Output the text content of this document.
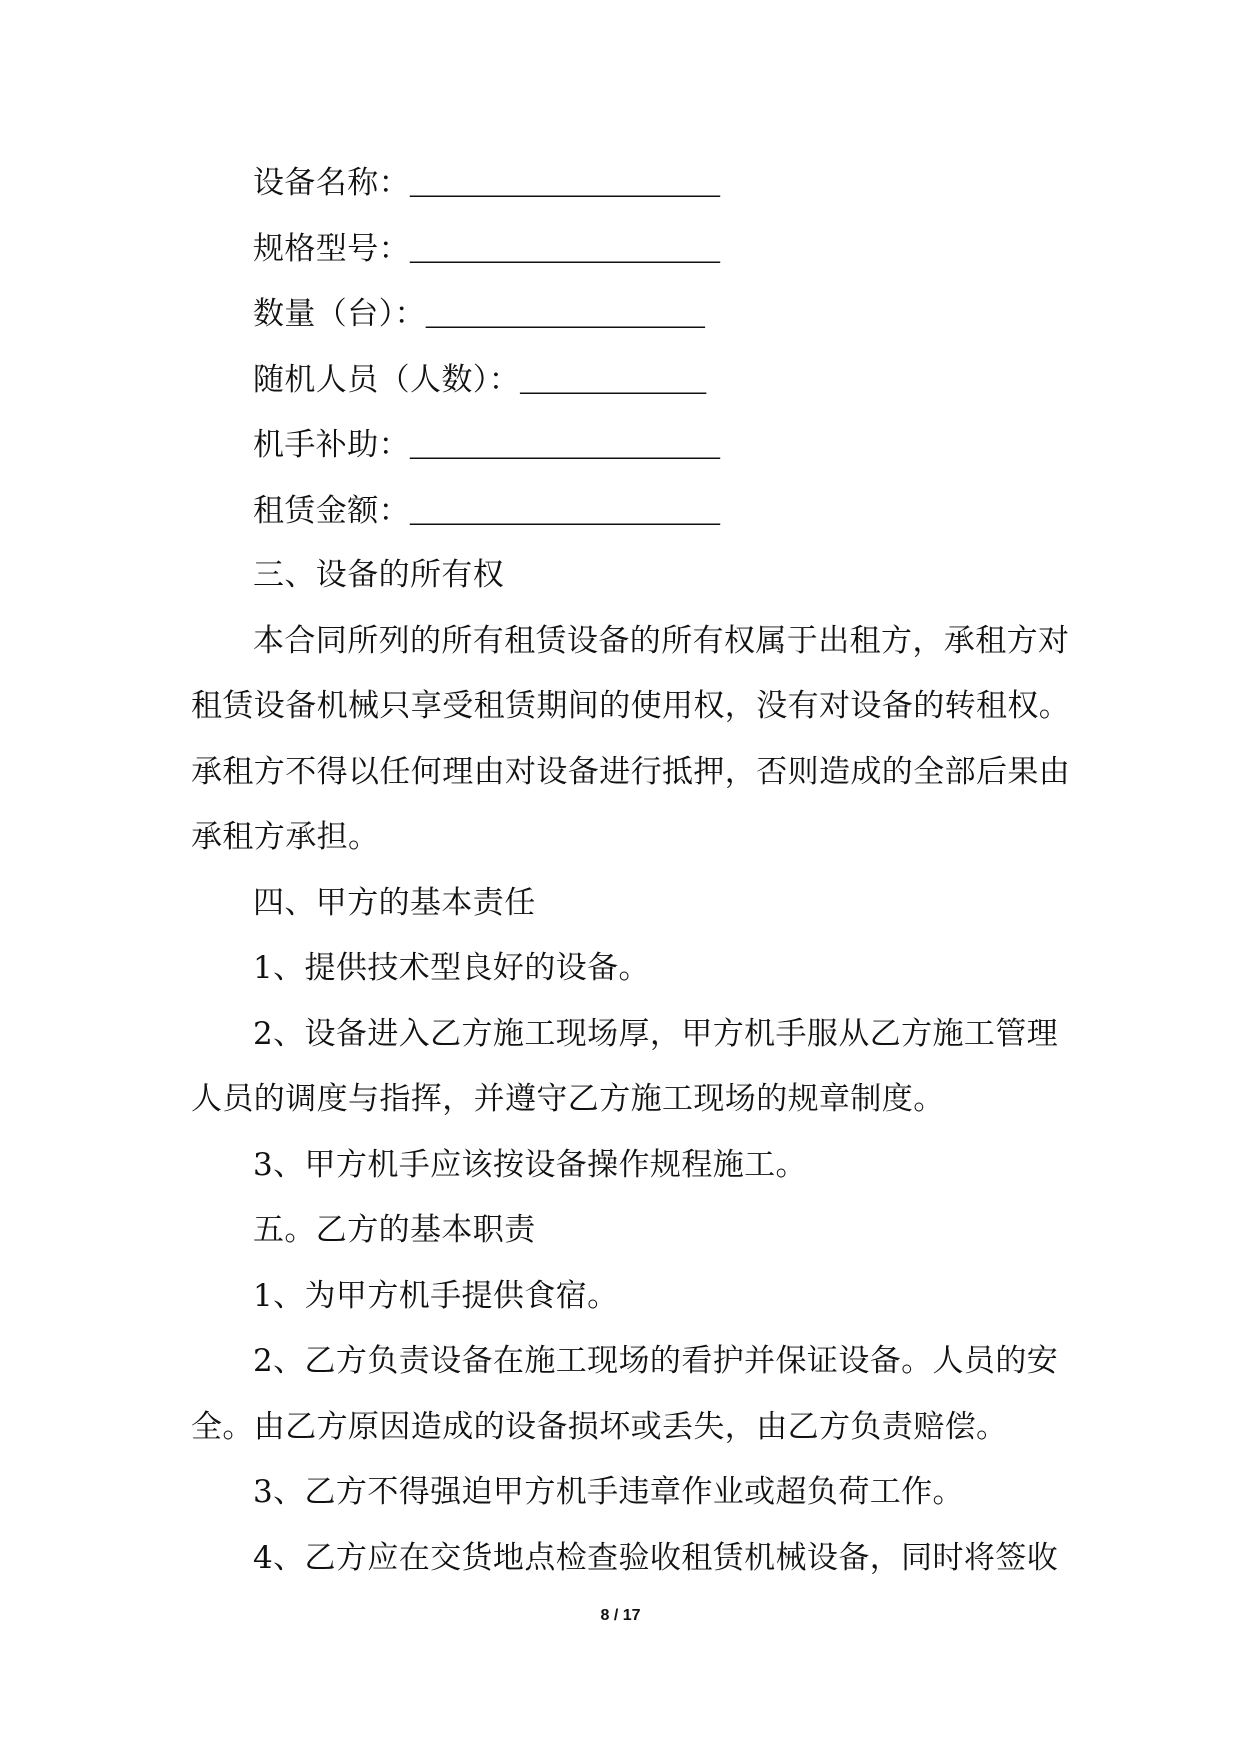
设备名称：____________________
规格型号：____________________
数量（台）：__________________
随机人员（人数）：____________
机手补助：____________________
租赁金额：____________________
三、设备的所有权
本合同所列的所有租赁设备的所有权属于出租方，承租方对
租赁设备机械只享受租赁期间的使用权，没有对设备的转租权。
承租方不得以任何理由对设备进行抵押，否则造成的全部后果由
承租方承担。
四、甲方的基本责任
1、提供技术型良好的设备。
2、设备进入乙方施工现场厚，甲方机手服从乙方施工管理
人员的调度与指挥，并遵守乙方施工现场的规章制度。
3、甲方机手应该按设备操作规程施工。
五。乙方的基本职责
1、为甲方机手提供食宿。
2、乙方负责设备在施工现场的看护并保证设备。人员的安
全。由乙方原因造成的设备损坏或丢失，由乙方负责赔偿。
3、乙方不得强迫甲方机手违章作业或超负荷工作。
4、乙方应在交货地点检查验收租赁机械设备，同时将签收
8 / 17
